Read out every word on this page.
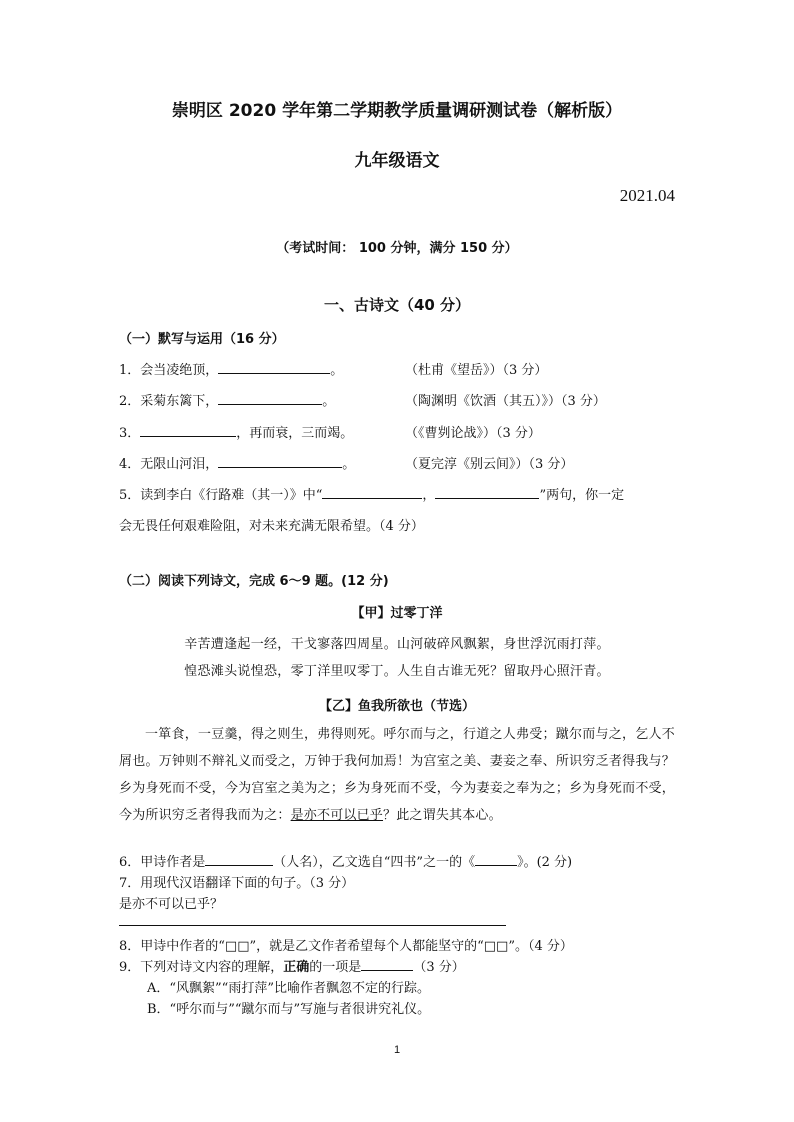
崇明区 2020 学年第二学期教学质量调研测试卷（解析版）
九年级语文
2021.04
（考试时间： 100 分钟，满分 150 分）
一、古诗文（40 分）
（一）默写与运用（16 分）
1．会当凌绝顶，	。	（杜甫《望岳》）（3 分）
2．采菊东篱下，	。	（陶渊明《饮酒（其五）》）（3 分）
3．	，再而衰，三而竭。	（《曹刿论战》）（3 分）
4．无限山河泪，	。	（夏完淳《别云间》）（3 分）
5．读到李白《行路难（其一）》中“	，	”两句，你一定
会无畏任何艰难险阻，对未来充满无限希望。（4 分）
（二）阅读下列诗文，完成 6～9 题。(12 分)
【甲】过零丁洋
辛苦遭逢起一经，干戈寥落四周星。山河破碎风飘絮，身世浮沉雨打萍。
惶恐滩头说惶恐，零丁洋里叹零丁。人生自古谁无死？留取丹心照汗青。
【乙】鱼我所欲也（节选）
一箪食，一豆羹，得之则生，弗得则死。呼尔而与之，行道之人弗受；蹴尔而与之，乞人不屑也。万钟则不辩礼义而受之，万钟于我何加焉！为宫室之美、妻妾之奉、所识穷乏者得我与？乡为身死而不受，今为宫室之美为之；乡为身死而不受，今为妻妾之奉为之；乡为身死而不受，今为所识穷乏者得我而为之：是亦不可以已乎？此之谓失其本心。
6．甲诗作者是	（人名），乙文选自“四书”之一的《	》。(2 分)
7．用现代汉语翻译下面的句子。（3 分）
是亦不可以已乎？
8．甲诗中作者的“□□”，就是乙文作者希望每个人都能坚守的“□□”。（4 分）
9．下列对诗文内容的理解，正确的一项是	（3 分）
A．“风飘絮”“雨打萍”比喻作者飘忽不定的行踪。
B．“呼尔而与”“蹴尔而与”写施与者很讲究礼仪。
1
